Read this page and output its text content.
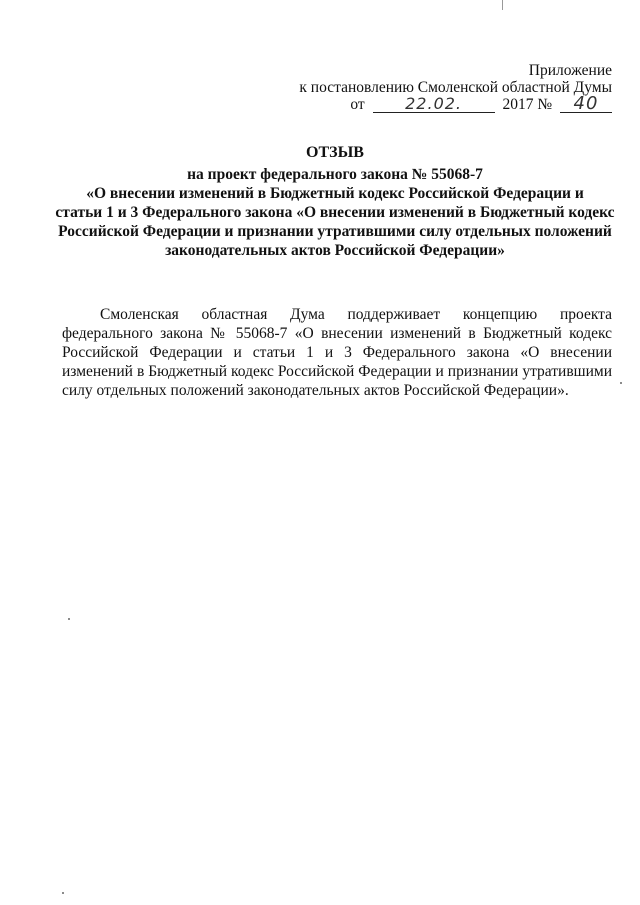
Приложение
к постановлению Смоленской областной Думы
от	22.02.	2017 № 40
ОТЗЫВ
на проект федерального закона № 55068-7
«О внесении изменений в Бюджетный кодекс Российской Федерации и
статьи 1 и 3 Федерального закона «О внесении изменений в Бюджетный кодекс
Российской Федерации и признании утратившими силу отдельных положений
законодательных актов Российской Федерации»

Смоленская областная Дума поддерживает концепцию проекта федерального закона № 55068-7 «О внесении изменений в Бюджетный кодекс Российской Федерации и статьи 1 и 3 Федерального закона «О внесении изменений в Бюджетный кодекс Российской Федерации и признании утратившими силу отдельных положений законодательных актов Российской Федерации».
